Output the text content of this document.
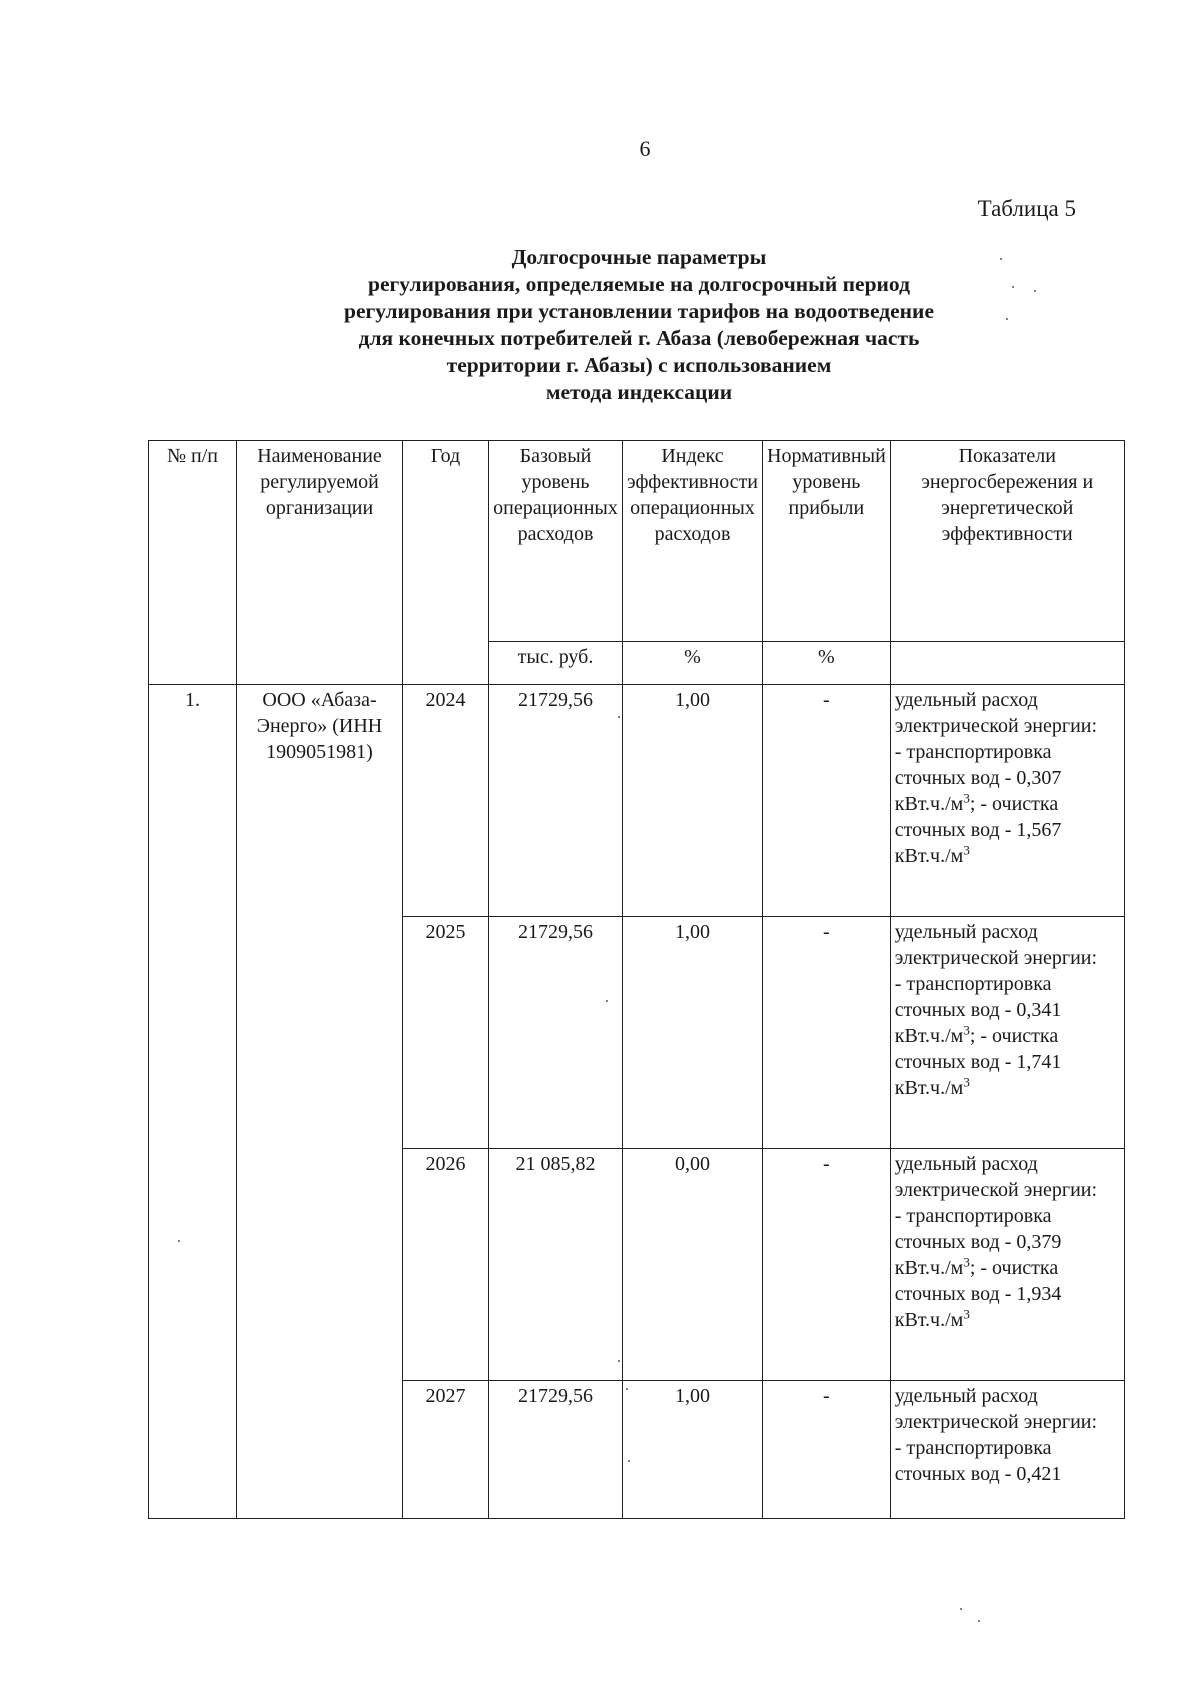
6
Таблица 5
Долгосрочные параметры
регулирования, определяемые на долгосрочный период
регулирования при установлении тарифов на водоотведение
для конечных потребителей г. Абаза (левобережная часть
территории г. Абазы) с использованием
метода индексации
№ п/п	Наименование регулируемой организации	Год	Базовый уровень операционных расходов	Индекс эффективности операционных расходов	Нормативный уровень прибыли	Показатели энергосбережения и энергетической эффективности
			тыс. руб.	%	%	
1.	ООО «Абаза-Энерго» (ИНН 1909051981)	2024	21729,56	1,00	-	удельный расход электрической энергии:
- транспортировка сточных вод - 0,307 $кВт.ч./м^3$; - очистка сточных вод - 1,567 $кВт.ч./м^3$
		2025	21729,56	1,00	-	удельный расход электрической энергии:
- транспортировка сточных вод - 0,341 $кВт.ч./м^3$; - очистка сточных вод - 1,741 $кВт.ч./м^3$
		2026	21 085,82	0,00	-	удельный расход электрической энергии:
- транспортировка сточных вод - 0,379 $кВт.ч./м^3$; - очистка сточных вод - 1,934 $кВт.ч./м^3$
		2027	21729,56	1,00	-	удельный расход электрической энергии:
- транспортировка сточных вод - 0,421
